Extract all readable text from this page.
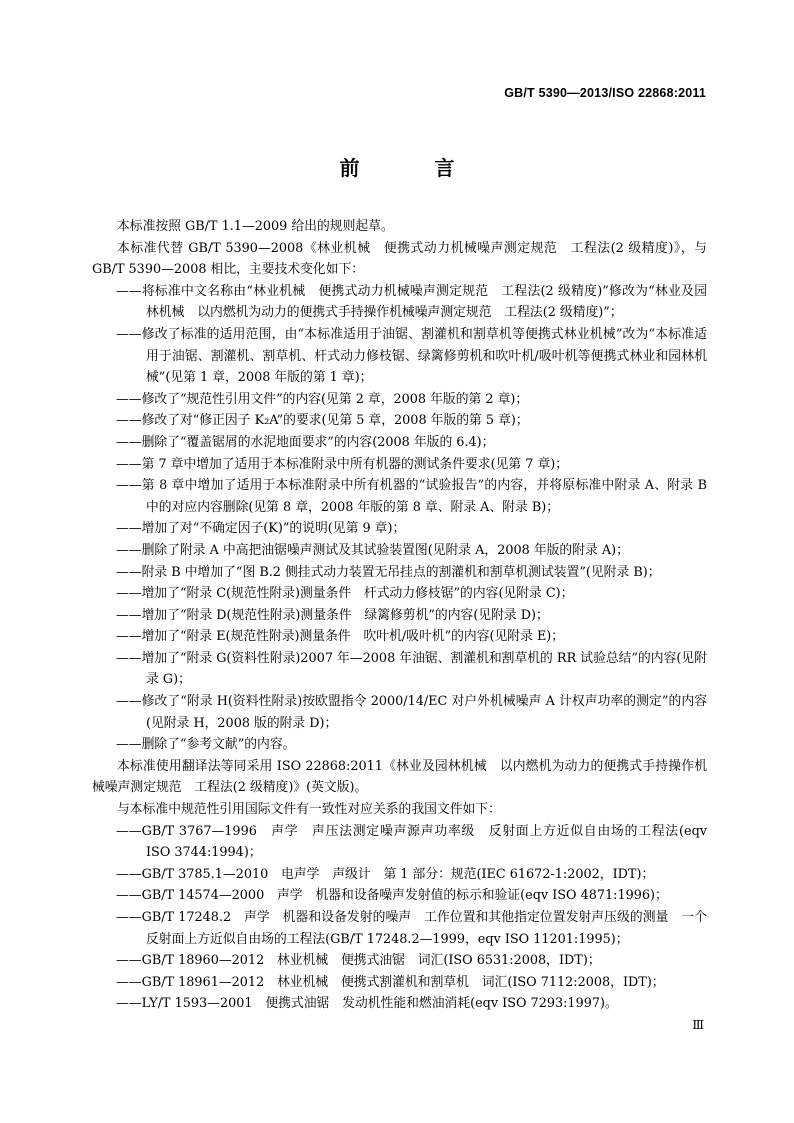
GB/T 5390—2013/ISO 22868:2011
前 言

本标准按照 GB/T 1.1—2009 给出的规则起草。

本标准代替 GB/T 5390—2008《林业机械　便携式动力机械噪声测定规范　工程法(2 级精度)》，与 GB/T 5390—2008 相比，主要技术变化如下：

——将标准中文名称由“林业机械　便携式动力机械噪声测定规范　工程法(2 级精度)”修改为“林业及园林机械　以内燃机为动力的便携式手持操作机械噪声测定规范　工程法(2 级精度)”；

——修改了标准的适用范围，由“本标准适用于油锯、割灌机和割草机等便携式林业机械”改为“本标准适用于油锯、割灌机、割草机、杆式动力修枝锯、绿篱修剪机和吹叶机/吸叶机等便携式林业和园林机械”(见第 1 章，2008 年版的第 1 章)；

——修改了“规范性引用文件”的内容(见第 2 章，2008 年版的第 2 章)；

——修改了对“修正因子 K₂A”的要求(见第 5 章，2008 年版的第 5 章)；

——删除了“覆盖锯屑的水泥地面要求”的内容(2008 年版的 6.4)；

——第 7 章中增加了适用于本标准附录中所有机器的测试条件要求(见第 7 章)；

——第 8 章中增加了适用于本标准附录中所有机器的“试验报告”的内容，并将原标准中附录 A、附录 B 中的对应内容删除(见第 8 章，2008 年版的第 8 章、附录 A、附录 B)；

——增加了对“不确定因子(K)”的说明(见第 9 章)；

——删除了附录 A 中高把油锯噪声测试及其试验装置图(见附录 A，2008 年版的附录 A)；

——附录 B 中增加了“图 B.2 侧挂式动力装置无吊挂点的割灌机和割草机测试装置”(见附录 B)；

——增加了“附录 C(规范性附录)测量条件　杆式动力修枝锯”的内容(见附录 C)；

——增加了“附录 D(规范性附录)测量条件　绿篱修剪机”的内容(见附录 D)；

——增加了“附录 E(规范性附录)测量条件　吹叶机/吸叶机”的内容(见附录 E)；

——增加了“附录 G(资料性附录)2007 年—2008 年油锯、割灌机和割草机的 RR 试验总结”的内容(见附录 G)；

——修改了“附录 H(资料性附录)按欧盟指令 2000/14/EC 对户外机械噪声 A 计权声功率的测定”的内容(见附录 H，2008 版的附录 D)；

——删除了“参考文献”的内容。

本标准使用翻译法等同采用 ISO 22868:2011《林业及园林机械　以内燃机为动力的便携式手持操作机械噪声测定规范　工程法(2 级精度)》(英文版)。

与本标准中规范性引用国际文件有一致性对应关系的我国文件如下：

——GB/T 3767—1996　声学　声压法测定噪声源声功率级　反射面上方近似自由场的工程法(eqv ISO 3744:1994)；

——GB/T 3785.1—2010　电声学　声级计　第 1 部分：规范(IEC 61672-1:2002，IDT)；

——GB/T 14574—2000　声学　机器和设备噪声发射值的标示和验证(eqv ISO 4871:1996)；

——GB/T 17248.2　声学　机器和设备发射的噪声　工作位置和其他指定位置发射声压级的测量　一个反射面上方近似自由场的工程法(GB/T 17248.2—1999，eqv ISO 11201:1995)；

——GB/T 18960—2012　林业机械　便携式油锯　词汇(ISO 6531:2008，IDT)；

——GB/T 18961—2012　林业机械　便携式割灌机和割草机　词汇(ISO 7112:2008，IDT)；

——LY/T 1593—2001　便携式油锯　发动机性能和燃油消耗(eqv ISO 7293:1997)。

Ⅲ
